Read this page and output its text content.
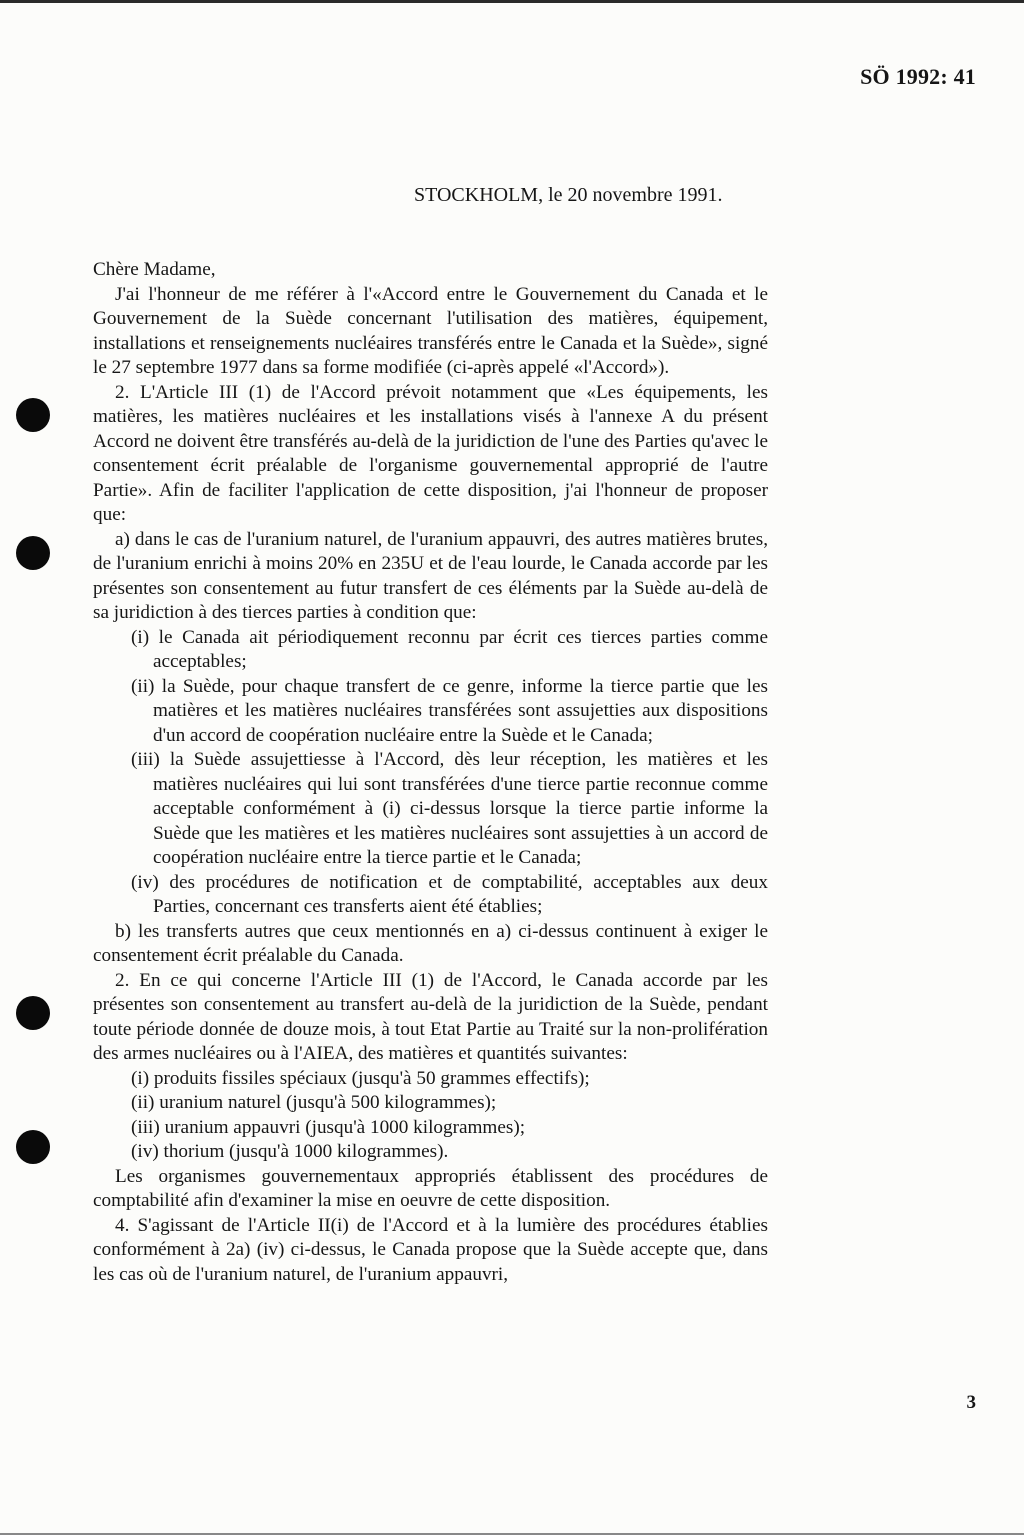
SÖ 1992: 41
STOCKHOLM, le 20 novembre 1991.

Chère Madame,

J'ai l'honneur de me référer à l'«Accord entre le Gouvernement du Canada et le Gouvernement de la Suède concernant l'utilisation des matières, équipement, installations et renseignements nucléaires transférés entre le Canada et la Suède», signé le 27 septembre 1977 dans sa forme modifiée (ci-après appelé «l'Accord»).

2. L'Article III (1) de l'Accord prévoit notamment que «Les équipements, les matières, les matières nucléaires et les installations visés à l'annexe A du présent Accord ne doivent être transférés au-delà de la juridiction de l'une des Parties qu'avec le consentement écrit préalable de l'organisme gouvernemental approprié de l'autre Partie». Afin de faciliter l'application de cette disposition, j'ai l'honneur de proposer que:

a) dans le cas de l'uranium naturel, de l'uranium appauvri, des autres matières brutes, de l'uranium enrichi à moins 20% en 235U et de l'eau lourde, le Canada accorde par les présentes son consentement au futur transfert de ces éléments par la Suède au-delà de sa juridiction à des tierces parties à condition que:

(i) le Canada ait périodiquement reconnu par écrit ces tierces parties comme acceptables;

(ii) la Suède, pour chaque transfert de ce genre, informe la tierce partie que les matières et les matières nucléaires transférées sont assujetties aux dispositions d'un accord de coopération nucléaire entre la Suède et le Canada;

(iii) la Suède assujettiesse à l'Accord, dès leur réception, les matières et les matières nucléaires qui lui sont transférées d'une tierce partie reconnue comme acceptable conformément à (i) ci-dessus lorsque la tierce partie informe la Suède que les matières et les matières nucléaires sont assujetties à un accord de coopération nucléaire entre la tierce partie et le Canada;

(iv) des procédures de notification et de comptabilité, acceptables aux deux Parties, concernant ces transferts aient été établies;

b) les transferts autres que ceux mentionnés en a) ci-dessus continuent à exiger le consentement écrit préalable du Canada.

2. En ce qui concerne l'Article III (1) de l'Accord, le Canada accorde par les présentes son consentement au transfert au-delà de la juridiction de la Suède, pendant toute période donnée de douze mois, à tout Etat Partie au Traité sur la non-prolifération des armes nucléaires ou à l'AIEA, des matières et quantités suivantes:

(i) produits fissiles spéciaux (jusqu'à 50 grammes effectifs);

(ii) uranium naturel (jusqu'à 500 kilogrammes);

(iii) uranium appauvri (jusqu'à 1000 kilogrammes);

(iv) thorium (jusqu'à 1000 kilogrammes).

Les organismes gouvernementaux appropriés établissent des procédures de comptabilité afin d'examiner la mise en oeuvre de cette disposition.

4. S'agissant de l'Article II(i) de l'Accord et à la lumière des procédures établies conformément à 2a) (iv) ci-dessus, le Canada propose que la Suède accepte que, dans les cas où de l'uranium naturel, de l'uranium appauvri,

3
